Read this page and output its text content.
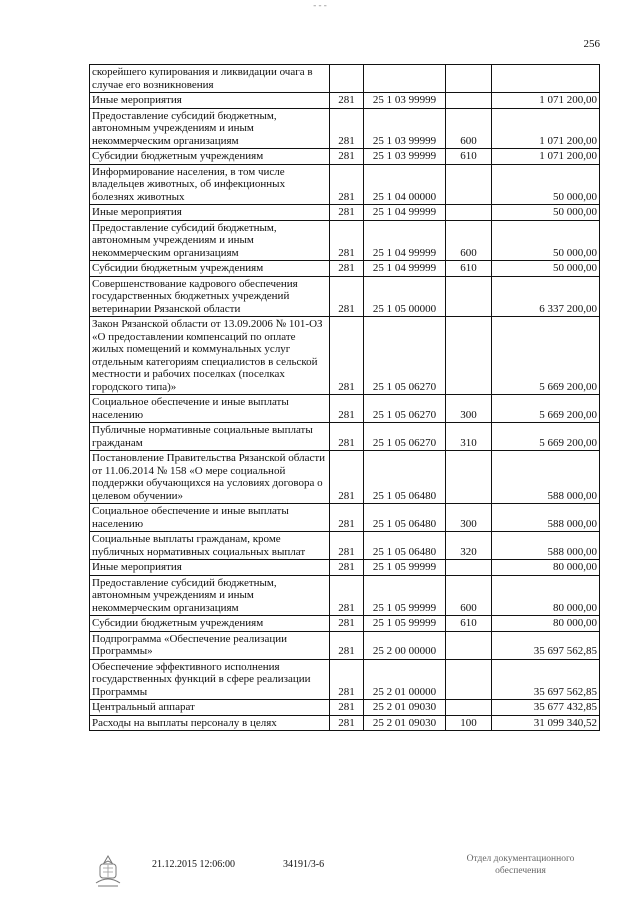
- - -
256
скорейшего купирования и ликвидации очага в случае его возникновения				
Иные мероприятия	281	25 1 03 99999		1 071 200,00
Предоставление субсидий бюджетным, автономным учреждениям и иным некоммерческим организациям	281	25 1 03 99999	600	1 071 200,00
Субсидии бюджетным учреждениям	281	25 1 03 99999	610	1 071 200,00
Информирование населения, в том числе владельцев животных, об инфекционных болезнях животных	281	25 1 04 00000		50 000,00
Иные мероприятия	281	25 1 04 99999		50 000,00
Предоставление субсидий бюджетным, автономным учреждениям и иным некоммерческим организациям	281	25 1 04 99999	600	50 000,00
Субсидии бюджетным учреждениям	281	25 1 04 99999	610	50 000,00
Совершенствование кадрового обеспечения государственных бюджетных учреждений ветеринарии Рязанской области	281	25 1 05 00000		6 337 200,00
Закон Рязанской области от 13.09.2006 № 101-ОЗ «О предоставлении компенсаций по оплате жилых помещений и коммунальных услуг отдельным категориям специалистов в сельской местности и рабочих поселках (поселках городского типа)»	281	25 1 05 06270		5 669 200,00
Социальное обеспечение и иные выплаты населению	281	25 1 05 06270	300	5 669 200,00
Публичные нормативные социальные выплаты гражданам	281	25 1 05 06270	310	5 669 200,00
Постановление Правительства Рязанской области от 11.06.2014 № 158 «О мере социальной поддержки обучающихся на условиях договора о целевом обучении»	281	25 1 05 06480		588 000,00
Социальное обеспечение и иные выплаты населению	281	25 1 05 06480	300	588 000,00
Социальные выплаты гражданам, кроме публичных нормативных социальных выплат	281	25 1 05 06480	320	588 000,00
Иные мероприятия	281	25 1 05 99999		80 000,00
Предоставление субсидий бюджетным, автономным учреждениям и иным некоммерческим организациям	281	25 1 05 99999	600	80 000,00
Субсидии бюджетным учреждениям	281	25 1 05 99999	610	80 000,00
Подпрограмма «Обеспечение реализации Программы»	281	25 2 00 00000		35 697 562,85
Обеспечение эффективного исполнения государственных функций в сфере реализации Программы	281	25 2 01 00000		35 697 562,85
Центральный аппарат	281	25 2 01 09030		35 677 432,85
Расходы на выплаты персоналу в целях	281	25 2 01 09030	100	31 099 340,52
21.12.2015 12:06:00	34191/3-6	Отдел документационного
обеспечения
